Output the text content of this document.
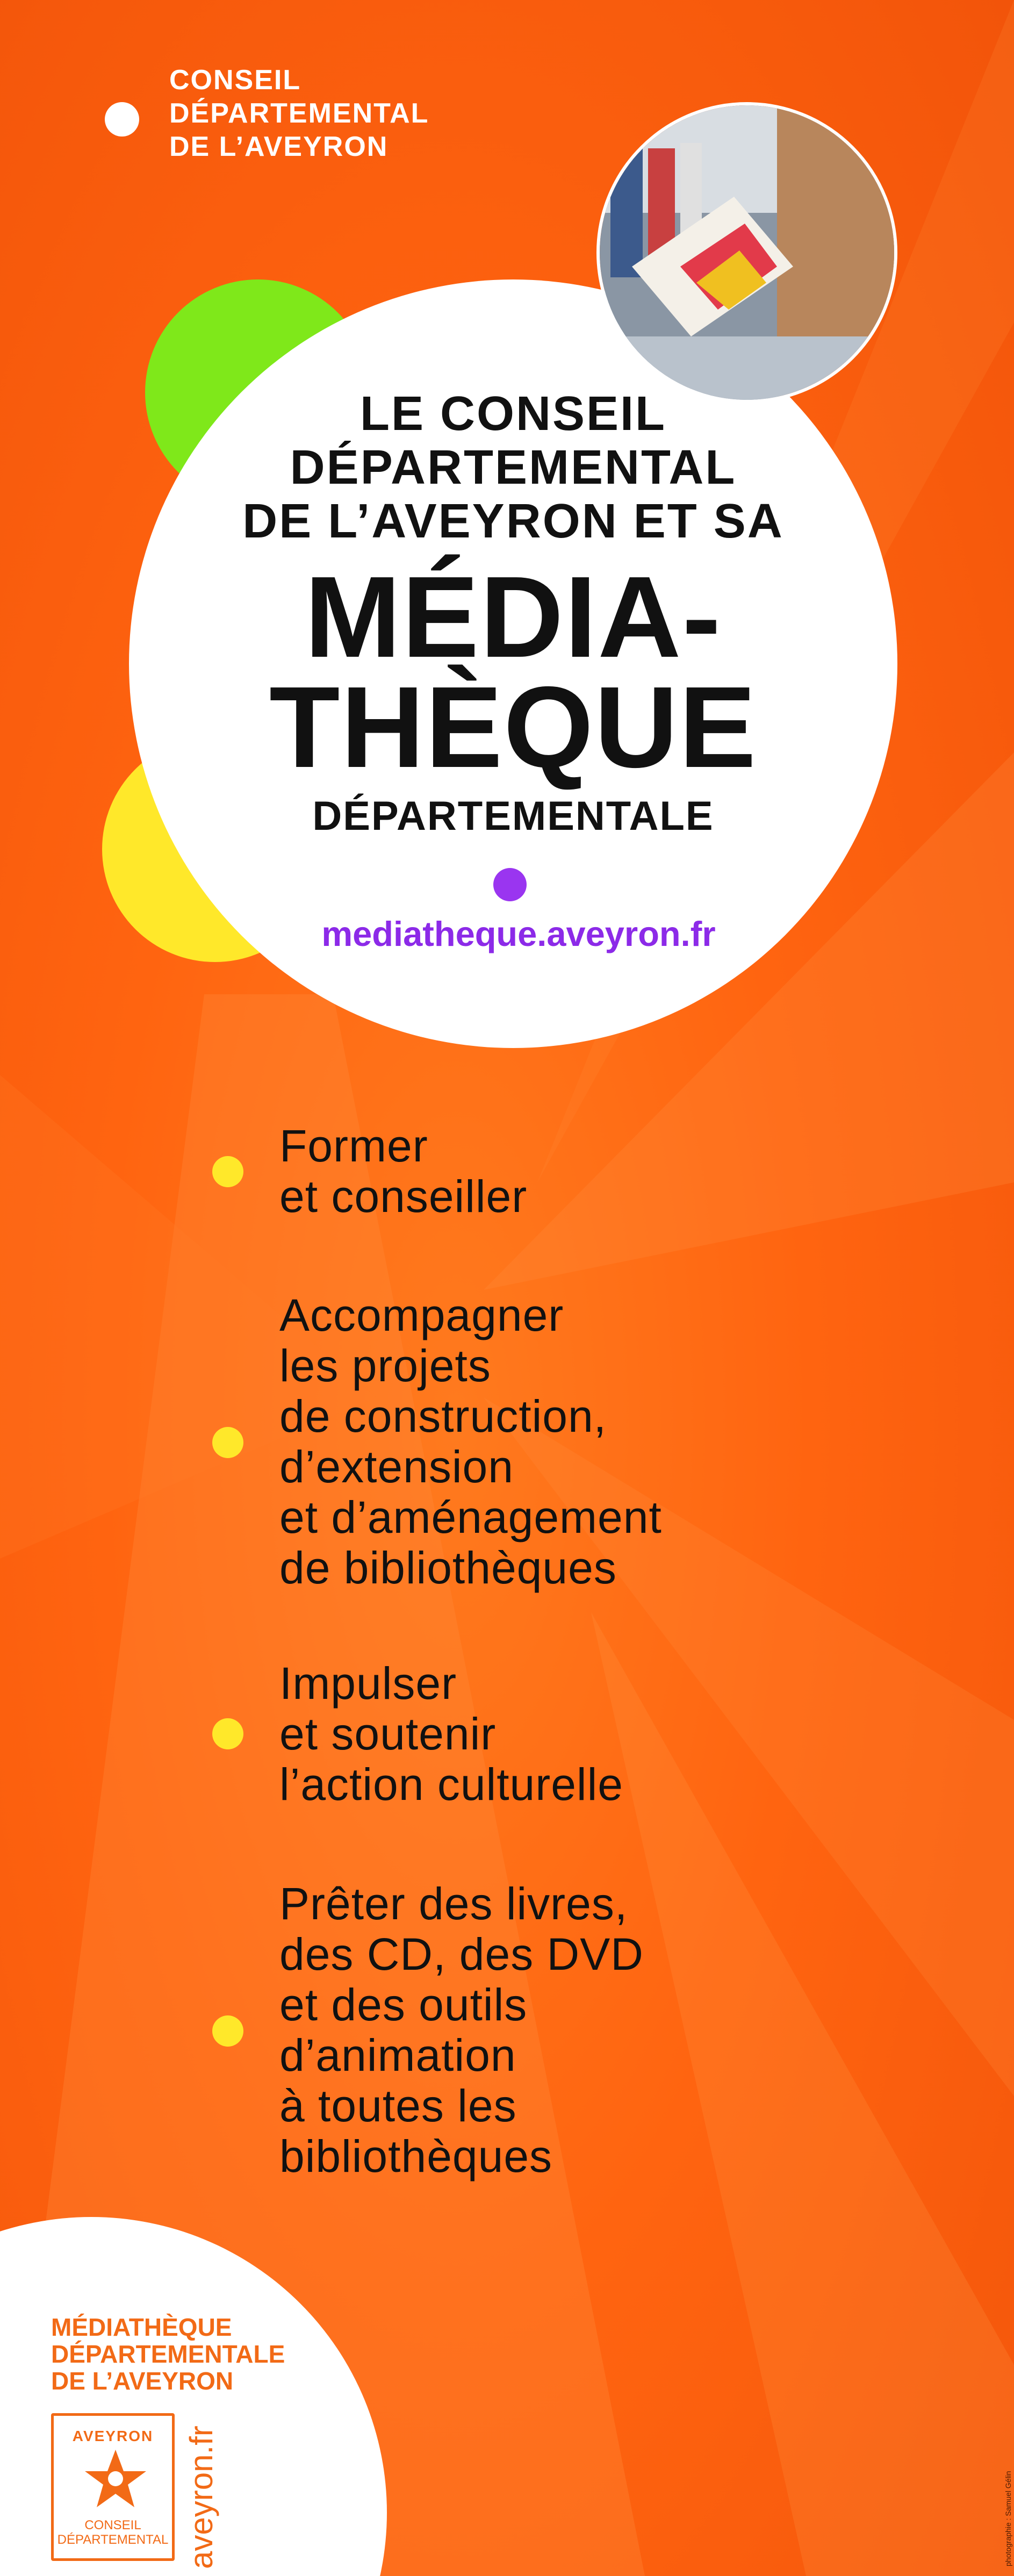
CONSEIL
DÉPARTEMENTAL
DE L’AVEYRON
LE CONSEIL
DÉPARTEMENTAL
DE L’AVEYRON ET SA
MÉDIA-
THÈQUE
DÉPARTEMENTALE
mediatheque.aveyron.fr
Former
et conseiller
Accompagner
les projets
de construction,
d’extension
et d’aménagement
de bibliothèques
Impulser
et soutenir
l’action culturelle
Prêter des livres,
des CD, des DVD
et des outils
d’animation
à toutes les
bibliothèques
MÉDIATHÈQUE
DÉPARTEMENTALE
DE L’AVEYRON
AVEYRON
CONSEIL
DÉPARTEMENTAL aveyron.fr	photographie : Samuel Gélin
